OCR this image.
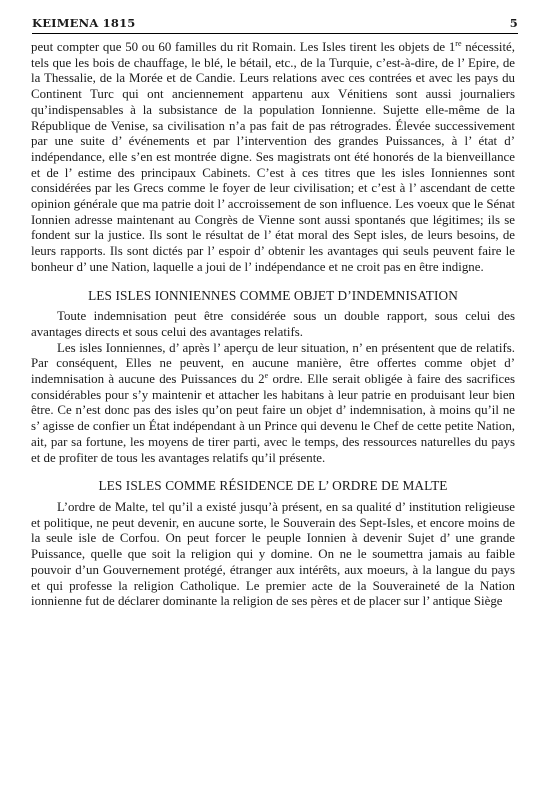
KEIMENA 1815	5

peut compter que 50 ou 60 familles du rit Romain. Les Isles tirent les objets de 1re nécessité, tels que les bois de chauffage, le blé, le bétail, etc., de la Turquie, c’est-à-dire, de l’ Epire, de la Thessalie, de la Morée et de Candie. Leurs relations avec ces contrées et avec les pays du Continent Turc qui ont anciennement appartenu aux Vénitiens sont aussi journaliers qu’indispensables à la subsistance de la population Ionnienne. Sujette elle-même de la République de Venise, sa civilisation n’a pas fait de pas rétrogrades. Élevée successivement par une suite d’ événements et par l’intervention des grandes Puissances, à l’ état d’ indépendance, elle s’en est montrée digne. Ses magistrats ont été honorés de la bienveillance et de l’ estime des principaux Cabinets. C’est à ces titres que les isles Ionniennes sont considérées par les Grecs comme le foyer de leur civilisation; et c’est à l’ ascendant de cette opinion générale que ma patrie doit l’ accroissement de son influence. Les voeux que le Sénat Ionnien adresse maintenant au Congrès de Vienne sont aussi spontanés que légitimes; ils se fondent sur la justice. Ils sont le résultat de l’ état moral des Sept isles, de leurs besoins, de leurs rapports. Ils sont dictés par l’ espoir d’ obtenir les avantages qui seuls peuvent faire le bonheur d’ une Nation, laquelle a joui de l’ indépendance et ne croit pas en être indigne.

LES ISLES IONNIENNES COMME OBJET D’INDEMNISATION

Toute indemnisation peut être considérée sous un double rapport, sous celui des avantages directs et sous celui des avantages relatifs.

Les isles Ionniennes, d’ après l’ aperçu de leur situation, n’ en présentent que de relatifs. Par conséquent, Elles ne peuvent, en aucune manière, être offertes comme objet d’ indemnisation à aucune des Puissances du 2e ordre. Elle serait obligée à faire des sacrifices considérables pour s’y maintenir et attacher les habitans à leur patrie en produisant leur bien être. Ce n’est donc pas des isles qu’on peut faire un objet d’ indemnisation, à moins qu’il ne s’ agisse de confier un État indépendant à un Prince qui devenu le Chef de cette petite Nation, ait, par sa fortune, les moyens de tirer parti, avec le temps, des ressources naturelles du pays et de profiter de tous les avantages relatifs qu’il présente.

LES ISLES COMME RÉSIDENCE DE L’ ORDRE DE MALTE

L’ordre de Malte, tel qu’il a existé jusqu’à présent, en sa qualité d’ institution religieuse et politique, ne peut devenir, en aucune sorte, le Souverain des Sept-Isles, et encore moins de la seule isle de Corfou. On peut forcer le peuple Ionnien à devenir Sujet d’ une grande Puissance, quelle que soit la religion qui y domine. On ne le soumettra jamais au faible pouvoir d’un Gouvernement protégé, étranger aux intérêts, aux moeurs, à la langue du pays et qui professe la religion Catholique. Le premier acte de la Souveraineté de la Nation ionnienne fut de déclarer dominante la religion de ses pères et de placer sur l’ antique Siège
